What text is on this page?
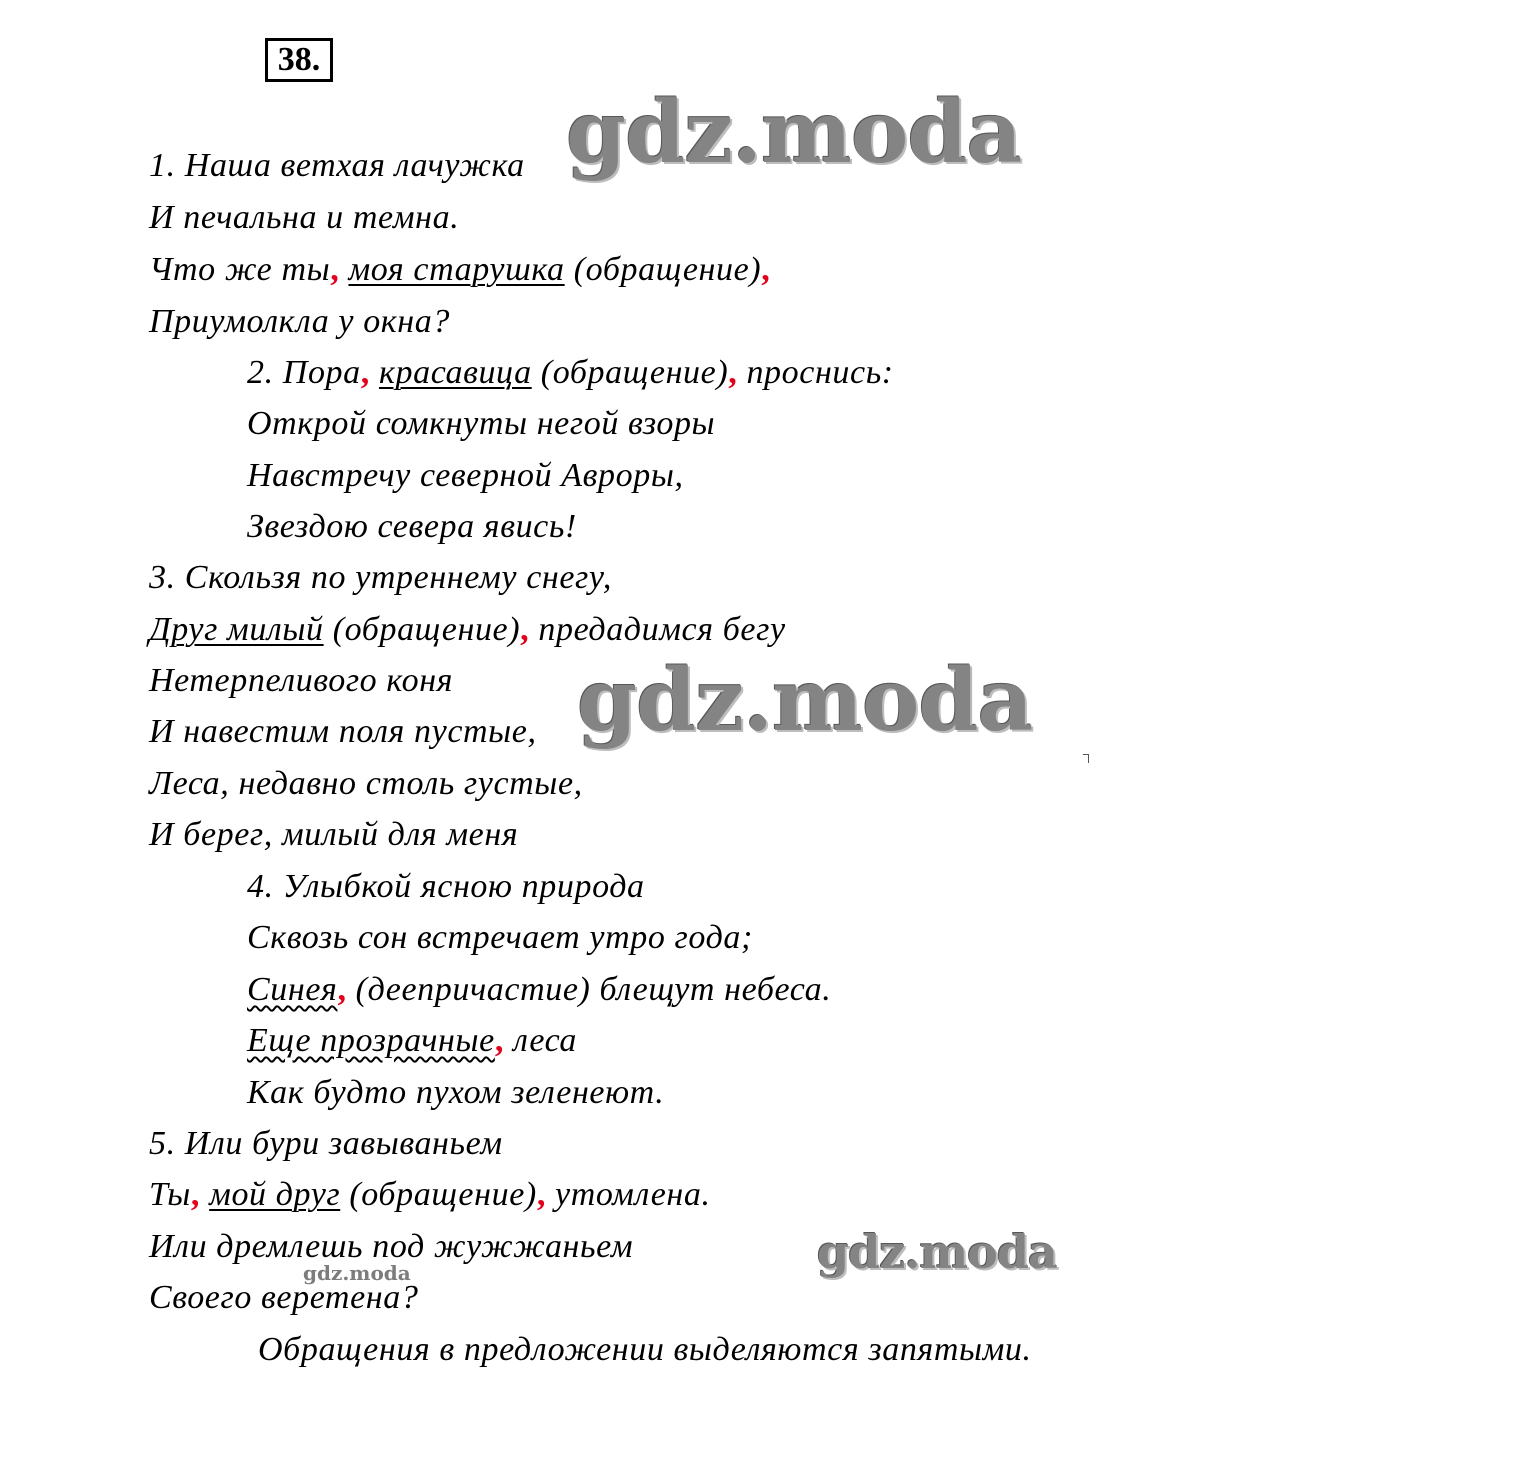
38.
1. Наша ветхая лачужка
И печальна и темна.
Что же ты, моя старушка (обращение),
Приумолкла у окна?
2. Пора, красавица (обращение), проснись:
Открой сомкнуты негой взоры
Навстречу северной Авроры,
Звездою севера явись!
3. Скользя по утреннему снегу,
Друг милый (обращение), предадимся бегу
Нетерпеливого коня
И навестим поля пустые,
Леса, недавно столь густые,
И берег, милый для меня
4. Улыбкой ясною природа
Сквозь сон встречает утро года;
Синея, (деепричастие) блещут небеса.
Еще прозрачные, леса
Как будто пухом зеленеют.
5. Или бури завываньем
Ты, мой друг (обращение), утомлена.
Или дремлешь под жужжаньем
Своего веретена?
Обращения в предложении выделяются запятыми.
gdz.moda
gdz.moda
gdz.moda
gdz.moda
